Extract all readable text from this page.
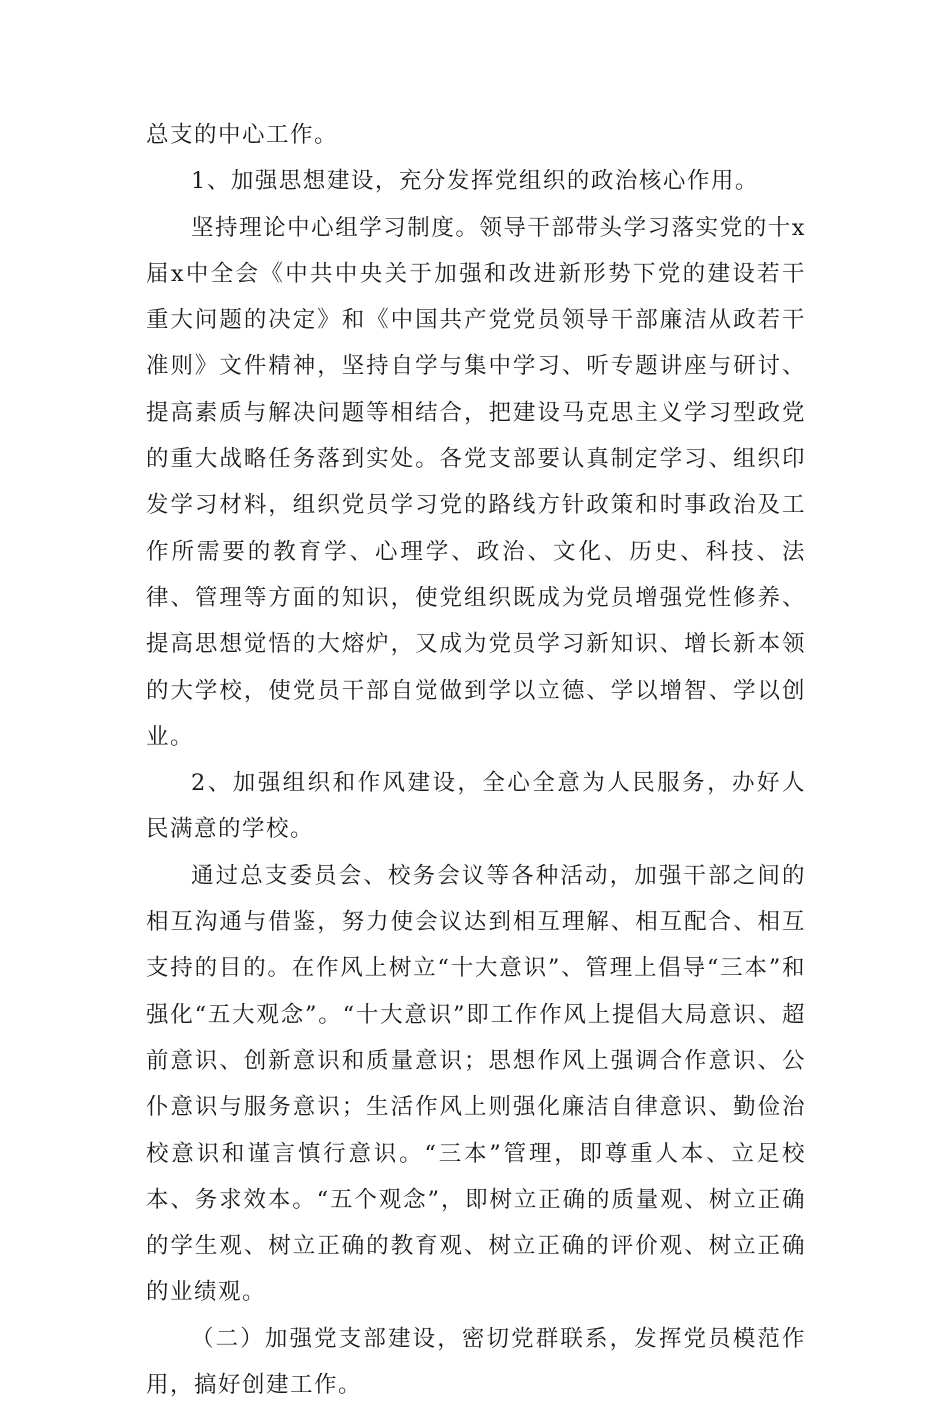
总支的中心工作。

1、加强思想建设，充分发挥党组织的政治核心作用。

坚持理论中心组学习制度。领导干部带头学习落实党的十x届x中全会《中共中央关于加强和改进新形势下党的建设若干重大问题的决定》和《中国共产党党员领导干部廉洁从政若干准则》文件精神，坚持自学与集中学习、听专题讲座与研讨、提高素质与解决问题等相结合，把建设马克思主义学习型政党的重大战略任务落到实处。各党支部要认真制定学习、组织印发学习材料，组织党员学习党的路线方针政策和时事政治及工作所需要的教育学、心理学、政治、文化、历史、科技、法律、管理等方面的知识，使党组织既成为党员增强党性修养、提高思想觉悟的大熔炉，又成为党员学习新知识、增长新本领的大学校，使党员干部自觉做到学以立德、学以增智、学以创业。

2、加强组织和作风建设，全心全意为人民服务，办好人民满意的学校。

通过总支委员会、校务会议等各种活动，加强干部之间的相互沟通与借鉴，努力使会议达到相互理解、相互配合、相互支持的目的。在作风上树立“十大意识”、管理上倡导“三本”和强化“五大观念”。“十大意识”即工作作风上提倡大局意识、超前意识、创新意识和质量意识；思想作风上强调合作意识、公仆意识与服务意识；生活作风上则强化廉洁自律意识、勤俭治校意识和谨言慎行意识。“三本”管理，即尊重人本、立足校本、务求效本。“五个观念”，即树立正确的质量观、树立正确的学生观、树立正确的教育观、树立正确的评价观、树立正确的业绩观。

（二）加强党支部建设，密切党群联系，发挥党员模范作用，搞好创建工作。
